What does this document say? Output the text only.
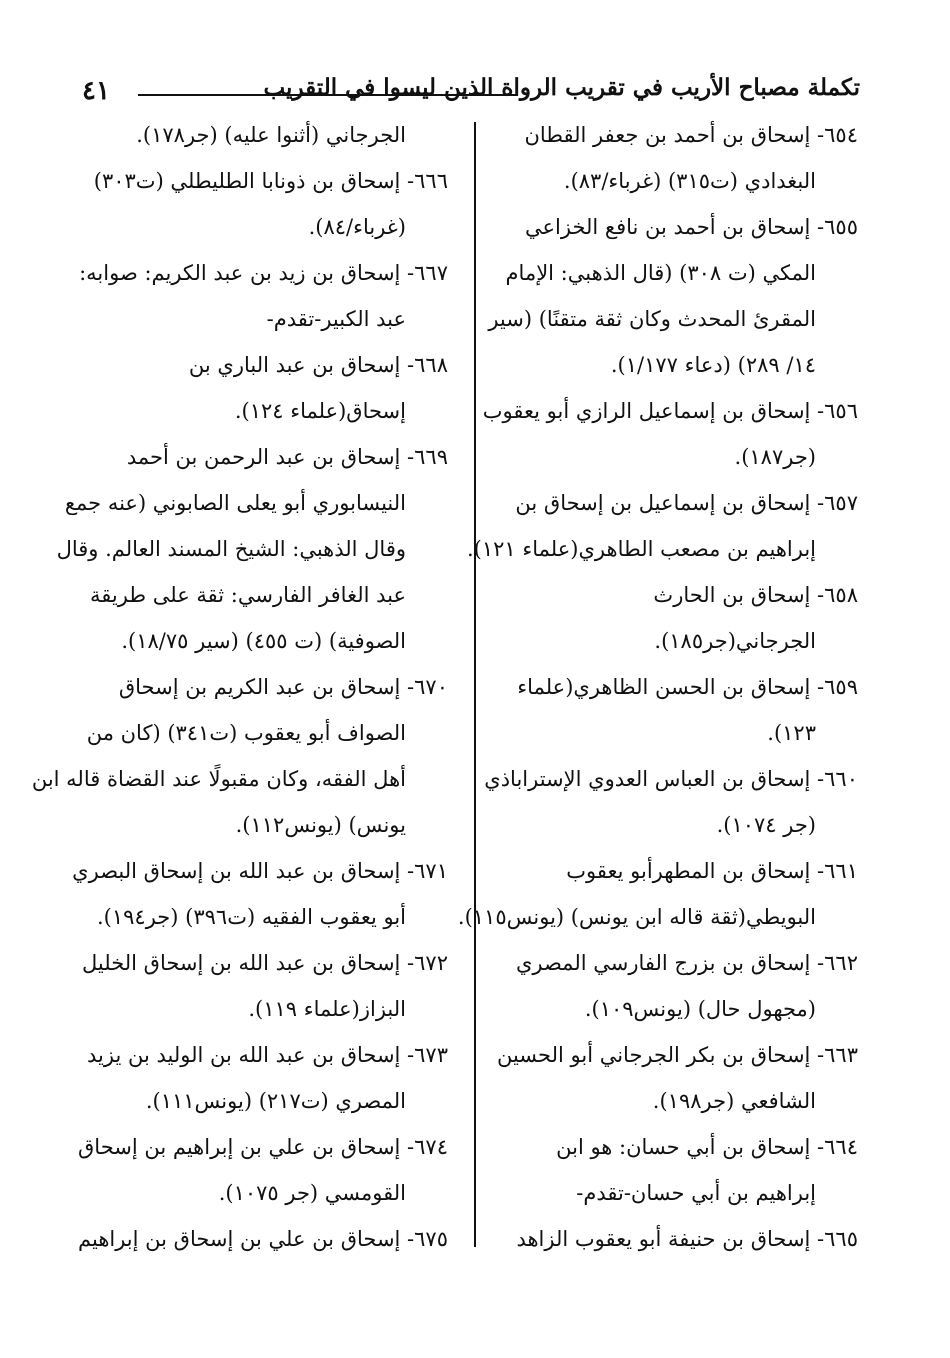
٤١	تكملة مصباح الأريب في تقريب الرواة الذين ليسوا في التقريب
٦٥٤- إسحاق بن أحمد بن جعفر القطان
البغدادي (ت٣١٥) (غرباء/٨٣).
٦٥٥- إسحاق بن أحمد بن نافع الخزاعي
المكي (ت ٣٠٨) (قال الذهبي: الإمام
المقرئ المحدث وكان ثقة متقنًا) (سير
١٤/ ٢٨٩) (دعاء ١/١٧٧).
٦٥٦- إسحاق بن إسماعيل الرازي أبو يعقوب
(جر١٨٧).
٦٥٧- إسحاق بن إسماعيل بن إسحاق بن
إبراهيم بن مصعب الطاهري(علماء ١٢١).
٦٥٨- إسحاق بن الحارث
الجرجاني(جر١٨٥).
٦٥٩- إسحاق بن الحسن الظاهري(علماء
١٢٣).
٦٦٠- إسحاق بن العباس العدوي الإستراباذي
(جر ١٠٧٤).
٦٦١- إسحاق بن المطهرأبو يعقوب
البويطي(ثقة قاله ابن يونس) (يونس١١٥).
٦٦٢- إسحاق بن بزرج الفارسي المصري
(مجهول حال) (يونس١٠٩).
٦٦٣- إسحاق بن بكر الجرجاني أبو الحسين
الشافعي (جر١٩٨).
٦٦٤- إسحاق بن أبي حسان: هو ابن
إبراهيم بن أبي حسان-تقدم-
٦٦٥- إسحاق بن حنيفة أبو يعقوب الزاهد
الجرجاني (أثنوا عليه) (جر١٧٨).
٦٦٦- إسحاق بن ذونابا الطليطلي (ت٣٠٣)
(غرباء/٨٤).
٦٦٧- إسحاق بن زيد بن عبد الكريم: صوابه:
عبد الكبير-تقدم-
٦٦٨- إسحاق بن عبد الباري بن
إسحاق(علماء ١٢٤).
٦٦٩- إسحاق بن عبد الرحمن بن أحمد
النيسابوري أبو يعلى الصابوني (عنه جمع
وقال الذهبي: الشيخ المسند العالم. وقال
عبد الغافر الفارسي: ثقة على طريقة
الصوفية) (ت ٤٥٥) (سير ١٨/٧٥).
٦٧٠- إسحاق بن عبد الكريم بن إسحاق
الصواف أبو يعقوب (ت٣٤١) (كان من
أهل الفقه، وكان مقبولًا عند القضاة قاله ابن
يونس) (يونس١١٢).
٦٧١- إسحاق بن عبد الله بن إسحاق البصري
أبو يعقوب الفقيه (ت٣٩٦) (جر١٩٤).
٦٧٢- إسحاق بن عبد الله بن إسحاق الخليل
البزاز(علماء ١١٩).
٦٧٣- إسحاق بن عبد الله بن الوليد بن يزيد
المصري (ت٢١٧) (يونس١١١).
٦٧٤- إسحاق بن علي بن إبراهيم بن إسحاق
القومسي (جر ١٠٧٥).
٦٧٥- إسحاق بن علي بن إسحاق بن إبراهيم
